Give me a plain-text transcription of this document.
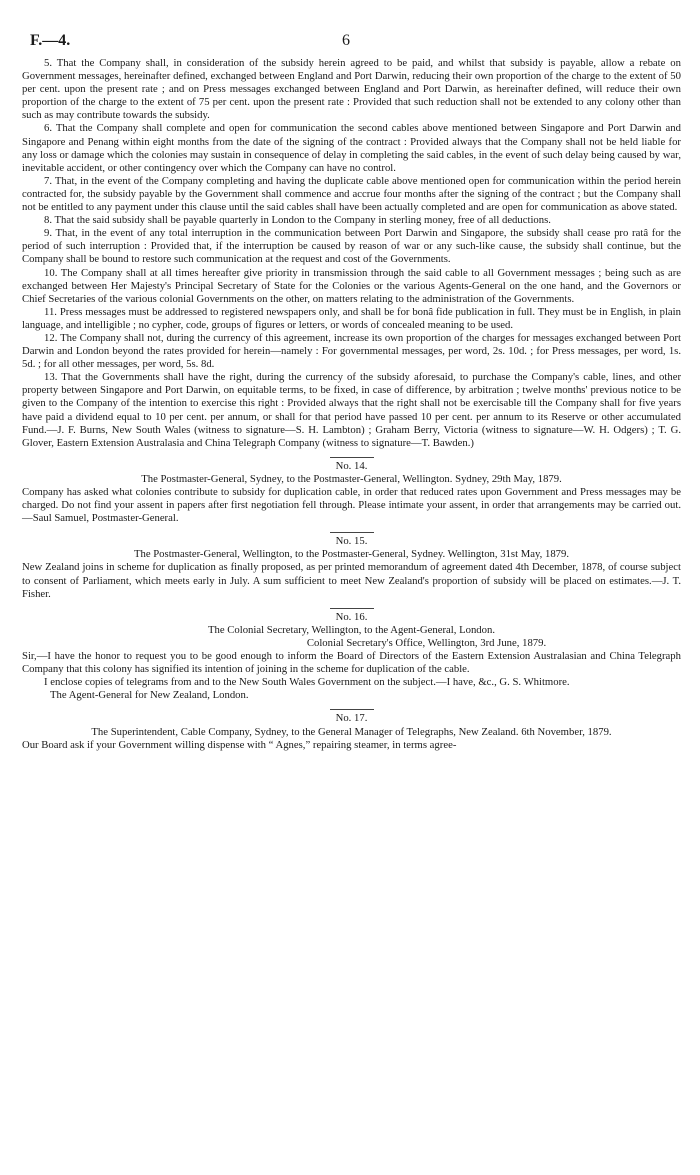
F.—4.	6

5. That the Company shall, in consideration of the subsidy herein agreed to be paid, and whilst that subsidy is payable, allow a rebate on Government messages, hereinafter defined, exchanged between England and Port Darwin, reducing their own proportion of the charge to the extent of 50 per cent. upon the present rate ; and on Press messages exchanged between England and Port Darwin, as hereinafter defined, will reduce their own proportion of the charge to the extent of 75 per cent. upon the present rate : Provided that such reduction shall not be extended to any colony other than such as may contribute towards the subsidy.

6. That the Company shall complete and open for communication the second cables above mentioned between Singapore and Port Darwin and Singapore and Penang within eight months from the date of the signing of the contract : Provided always that the Company shall not be held liable for any loss or damage which the colonies may sustain in consequence of delay in completing the said cables, in the event of such delay being caused by war, inevitable accident, or other contingency over which the Company can have no control.

7. That, in the event of the Company completing and having the duplicate cable above mentioned open for communication within the period herein contracted for, the subsidy payable by the Government shall commence and accrue four months after the signing of the contract ; but the Company shall not be entitled to any payment under this clause until the said cables shall have been actually completed and are open for communication as above stated.

8. That the said subsidy shall be payable quarterly in London to the Company in sterling money, free of all deductions.

9. That, in the event of any total interruption in the communication between Port Darwin and Singapore, the subsidy shall cease pro ratâ for the period of such interruption : Provided that, if the interruption be caused by reason of war or any such-like cause, the subsidy shall continue, but the Company shall be bound to restore such communication at the request and cost of the Governments.

10. The Company shall at all times hereafter give priority in transmission through the said cable to all Government messages ; being such as are exchanged between Her Majesty's Principal Secretary of State for the Colonies or the various Agents-General on the one hand, and the Governors or Chief Secretaries of the various colonial Governments on the other, on matters relating to the administration of the Governments.

11. Press messages must be addressed to registered newspapers only, and shall be for bonâ fide publication in full. They must be in English, in plain language, and intelligible ; no cypher, code, groups of figures or letters, or words of concealed meaning to be used.

12. The Company shall not, during the currency of this agreement, increase its own proportion of the charges for messages exchanged between Port Darwin and London beyond the rates provided for herein—namely : For governmental messages, per word, 2s. 10d. ; for Press messages, per word, 1s. 5d. ; for all other messages, per word, 5s. 8d.

13. That the Governments shall have the right, during the currency of the subsidy aforesaid, to purchase the Company's cable, lines, and other property between Singapore and Port Darwin, on equitable terms, to be fixed, in case of difference, by arbitration ; twelve months' previous notice to be given to the Company of the intention to exercise this right : Provided always that the right shall not be exercisable till the Company shall for five years have paid a dividend equal to 10 per cent. per annum, or shall for that period have passed 10 per cent. per annum to its Reserve or other accumulated Fund.—J. F. Burns, New South Wales (witness to signature—S. H. Lambton) ; Graham Berry, Victoria (witness to signature—W. H. Odgers) ; T. G. Glover, Eastern Extension Australasia and China Telegraph Company (witness to signature—T. Bawden.)

No. 14.

The Postmaster-General, Sydney, to the Postmaster-General, Wellington. Sydney, 29th May, 1879.

Company has asked what colonies contribute to subsidy for duplication cable, in order that reduced rates upon Government and Press messages may be charged. Do not find your assent in papers after first negotiation fell through. Please intimate your assent, in order that arrangements may be carried out.—Saul Samuel, Postmaster-General.

No. 15.

The Postmaster-General, Wellington, to the Postmaster-General, Sydney. Wellington, 31st May, 1879.

New Zealand joins in scheme for duplication as finally proposed, as per printed memorandum of agreement dated 4th December, 1878, of course subject to consent of Parliament, which meets early in July. A sum sufficient to meet New Zealand's proportion of subsidy will be placed on estimates.—J. T. Fisher.

No. 16.

The Colonial Secretary, Wellington, to the Agent-General, London.

Colonial Secretary's Office, Wellington, 3rd June, 1879.

Sir,—I have the honor to request you to be good enough to inform the Board of Directors of the Eastern Extension Australasian and China Telegraph Company that this colony has signified its intention of joining in the scheme for duplication of the cable.

I enclose copies of telegrams from and to the New South Wales Government on the subject.—I have, &c., G. S. Whitmore.

The Agent-General for New Zealand, London.

No. 17.

The Superintendent, Cable Company, Sydney, to the General Manager of Telegraphs, New Zealand. 6th November, 1879.

Our Board ask if your Government willing dispense with “ Agnes,” repairing steamer, in terms agree-
